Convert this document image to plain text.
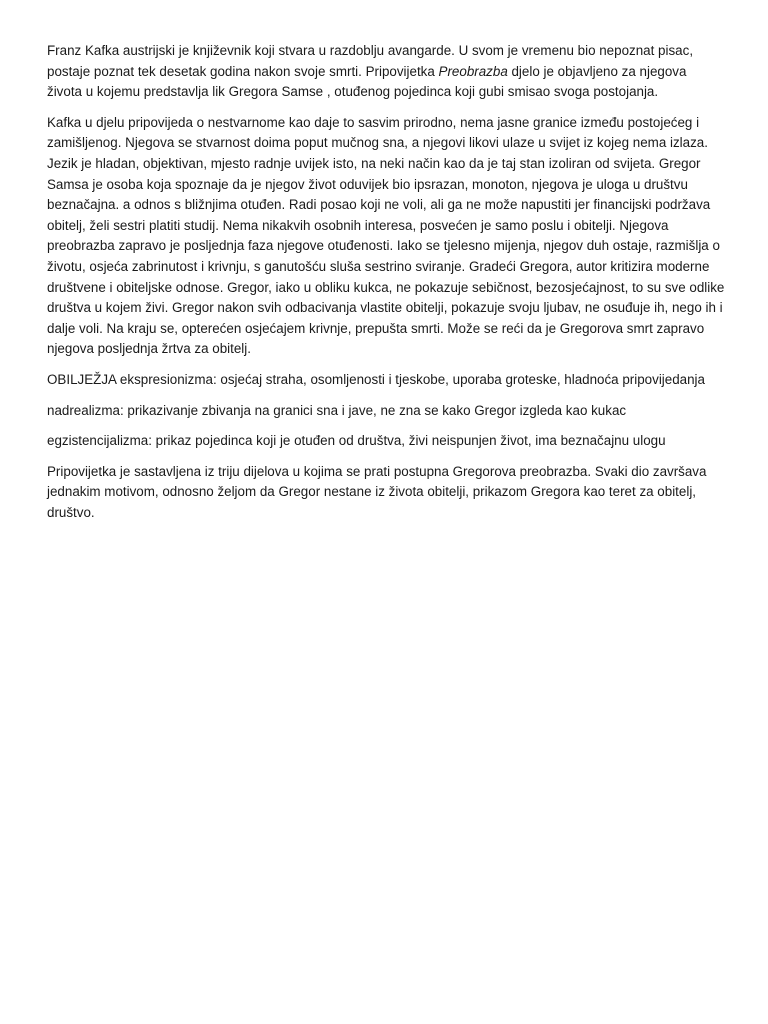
Franz Kafka austrijski je književnik koji stvara u razdoblju avangarde. U svom je vremenu bio nepoznat pisac, postaje poznat tek desetak godina nakon svoje smrti. Pripovijetka Preobrazba djelo je objavljeno za njegova života u kojemu predstavlja lik Gregora Samse , otuđenog pojedinca koji gubi smisao svoga postojanja.

Kafka u djelu pripovijeda o nestvarnome kao daje to sasvim prirodno, nema jasne granice između postojećeg i zamišljenog. Njegova se stvarnost doima poput mučnog sna, a njegovi likovi ulaze u svijet iz kojeg nema izlaza. Jezik je hladan, objektivan, mjesto radnje uvijek isto, na neki način kao da je taj stan izoliran od svijeta. Gregor Samsa je osoba koja spoznaje da je njegov život oduvijek bio ipsrazan, monoton, njegova je uloga u društvu beznačajna. a odnos s bližnjima otuđen. Radi posao koji ne voli, ali ga ne može napustiti jer financijski podržava obitelj, želi sestri platiti studij. Nema nikakvih osobnih interesa, posvećen je samo poslu i obitelji. Njegova preobrazba zapravo je posljednja faza njegove otuđenosti. Iako se tjelesno mijenja, njegov duh ostaje, razmišlja o životu, osjeća zabrinutost i krivnju, s ganutošću sluša sestrino sviranje. Gradeći Gregora, autor kritizira moderne društvene i obiteljske odnose. Gregor, iako u obliku kukca, ne pokazuje sebičnost, bezosjećajnost, to su sve odlike društva u kojem živi. Gregor nakon svih odbacivanja vlastite obitelji, pokazuje svoju ljubav, ne osuđuje ih, nego ih i dalje voli. Na kraju se, opterećen osjećajem krivnje, prepušta smrti. Može se reći da je Gregorova smrt zapravo njegova posljednja žrtva za obitelj.

OBILJEŽJA ekspresionizma: osjećaj straha, osomljenosti i tjeskobe, uporaba groteske, hladnoća pripovijedanja

nadrealizma: prikazivanje zbivanja na granici sna i jave, ne zna se kako Gregor izgleda kao kukac

egzistencijalizma: prikaz pojedinca koji je otuđen od društva, živi neispunjen život, ima beznačajnu ulogu

Pripovijetka je sastavljena iz triju dijelova u kojima se prati postupna Gregorova preobrazba. Svaki dio završava jednakim motivom, odnosno željom da Gregor nestane iz života obitelji, prikazom Gregora kao teret za obitelj, društvo.
